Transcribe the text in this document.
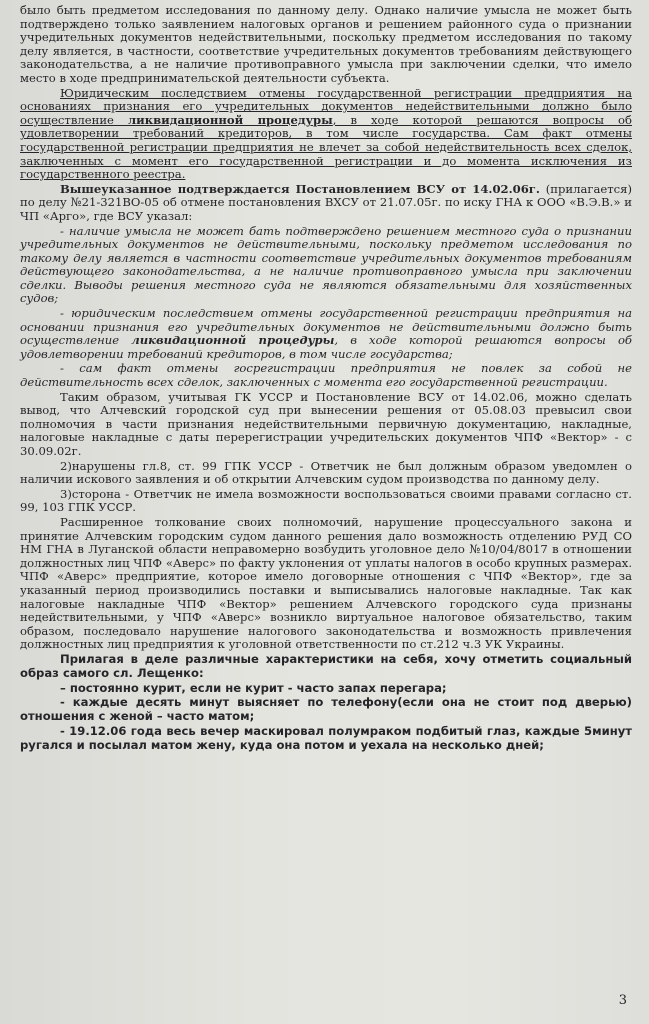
было быть предметом исследования по данному делу. Однако наличие умысла не может быть подтверждено только заявлением налоговых органов и решением районного суда о признании учредительных документов недействительными, поскольку предметом исследования по такому делу является, в частности, соответствие учредительных документов требованиям действующего законодательства, а не наличие противоправного умысла при заключении сделки, что имело место в ходе предпринимательской деятельности субъекта.

Юридическим последствием отмены государственной регистрации предприятия на основаниях признания его учредительных документов недействительными должно было осуществление ликвидационной процедуры, в ходе которой решаются вопросы об удовлетворении требований кредиторов, в том числе государства. Сам факт отмены государственной регистрации предприятия не влечет за собой недействительность всех сделок, заключенных с момент его государственной регистрации и до момента исключения из государственного реестра.

Вышеуказанное подтверждается Постановлением ВСУ от 14.02.06г. (прилагается) по делу №21-321ВО-05 об отмене постановления ВХСУ от 21.07.05г. по иску ГНА к ООО «В.Э.В.» и ЧП «Арго», где ВСУ указал:

- наличие умысла не может бать подтверждено решением местного суда о признании учредительных документов не действительными, поскольку предметом исследования по такому делу является в частности соответствие учредительных документов требованиям действующего законодательства, а не наличие противоправного умысла при заключении сделки. Выводы решения местного суда не являются обязательными для хозяйственных судов;

- юридическим последствием отмены государственной регистрации предприятия на основании признания его учредительных документов не действительными должно быть осуществление ликвидационной процедуры, в ходе которой решаются вопросы об удовлетворении требований кредиторов, в том числе государства;

- сам факт отмены госрегистрации предприятия не повлек за собой не действительность всех сделок, заключенных с момента его государственной регистрации.

Таким образом, учитывая ГК УССР и Постановление ВСУ от 14.02.06, можно сделать вывод, что Алчевский городской суд при вынесении решения от 05.08.03 превысил свои полномочия в части признания недействительными первичную документацию, накладные, налоговые накладные с даты перерегистрации учредительских документов ЧПФ «Вектор» - с 30.09.02г.

2)нарушены гл.8, ст. 99 ГПК УССР - Ответчик не был должным образом уведомлен о наличии искового заявления и об открытии Алчевским судом производства по данному делу.

3)сторона - Ответчик не имела возможности воспользоваться своими правами согласно ст. 99, 103 ГПК УССР.

Расширенное толкование своих полномочий, нарушение процессуального закона и принятие Алчевским городским судом данного решения дало возможность отделению РУД СО НМ ГНА в Луганской области неправомерно возбудить уголовное дело №10/04/8017 в отношении должностных лиц ЧПФ «Аверс» по факту уклонения от уплаты налогов в особо крупных размерах. ЧПФ «Аверс» предприятие, которое имело договорные отношения с ЧПФ «Вектор», где за указанный период производились поставки и выписывались налоговые накладные. Так как налоговые накладные ЧПФ «Вектор» решением Алчевского городского суда признаны недействительными, у ЧПФ «Аверс» возникло виртуальное налоговое обязательство, таким образом, последовало нарушение налогового законодательства и возможность привлечения должностных лиц предприятия к уголовной ответственности по ст.212 ч.3 УК Украины.

Прилагая в деле различные характеристики на себя, хочу отметить социальный образ самого сл. Лещенко:

– постоянно курит, если не курит - часто запах перегара;

- каждые десять минут выясняет по телефону(если она не стоит под дверью) отношения с женой – часто матом;

- 19.12.06 года весь вечер маскировал полумраком подбитый глаз, каждые 5минут ругался и посылал матом жену, куда она потом и уехала на несколько дней;

3
